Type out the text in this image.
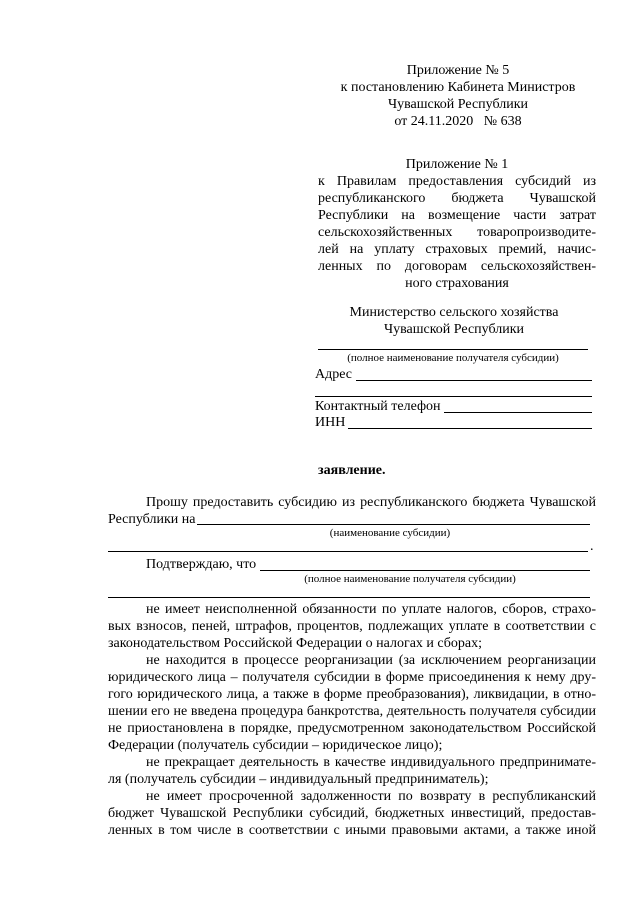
Приложение № 5
к постановлению Кабинета Министров
Чувашской Республики
от 24.11.2020   № 638
Приложение № 1
к Правилам предоставления субсидий из
республиканского бюджета Чувашской
Республики на возмещение части затрат
сельскохозяйственных товаропроизводите-
лей на уплату страховых премий, начис-
ленных по договорам сельскохозяйствен-
ного страхования
Министерство сельского хозяйства
Чувашской Республики
(полное наименование получателя субсидии)
Адрес
Контактный телефон
ИНН
заявление.
Прошу предоставить субсидию из республиканского бюджета Чувашской
Республики на
(наименование субсидии)
.
Подтверждаю, что
(полное наименование получателя субсидии)
не имеет неисполненной обязанности по уплате налогов, сборов, страхо-
вых взносов, пеней, штрафов, процентов, подлежащих уплате в соответствии с
законодательством Российской Федерации о налогах и сборах;
не находится в процессе реорганизации (за исключением реорганизации
юридического лица – получателя субсидии в форме присоединения к нему дру-
гого юридического лица, а также в форме преобразования), ликвидации, в отно-
шении его не введена процедура банкротства, деятельность получателя субсидии
не приостановлена в порядке, предусмотренном законодательством Российской
Федерации (получатель субсидии – юридическое лицо);
не прекращает деятельность в качестве индивидуального предпринимате-
ля (получатель субсидии – индивидуальный предприниматель);
не имеет просроченной задолженности по возврату в республиканский
бюджет Чувашской Республики субсидий, бюджетных инвестиций, предостав-
ленных в том числе в соответствии с иными правовыми актами, а также иной
